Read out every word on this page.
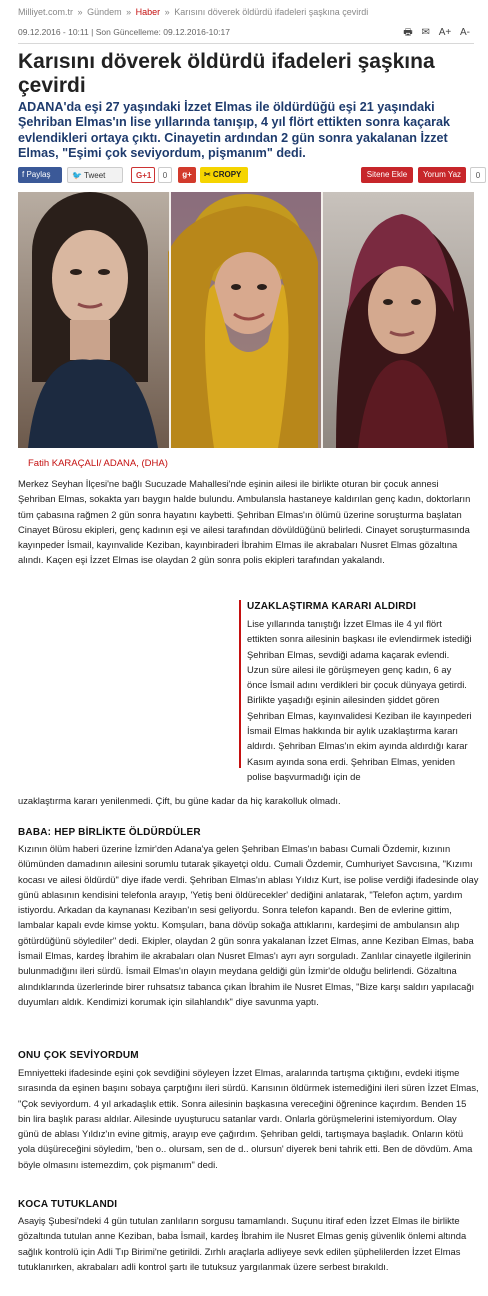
Milliyet.com.tr » Gündem » Haber » Karısını döverek öldürdü ifadeleri şaşkına çevirdi
09.12.2016 - 10:11 | Son Güncelleme: 09.12.2016-10:17	🖶 ✉ A+ A-
Karısını döverek öldürdü ifadeleri şaşkına çevirdi

ADANA'da eşi 27 yaşındaki İzzet Elmas ile öldürdüğü eşi 21 yaşındaki Şehriban Elmas'ın lise yıllarında tanışıp, 4 yıl flört ettikten sonra kaçarak evlendikleri ortaya çıktı. Cinayetin ardından 2 gün sonra yakalanan İzzet Elmas, "Eşimi çok seviyordum, pişmanım" dedi.

f Paylaş	🐦 Tweet	G+1	0	g+	✂ CROPY	Sitene Ekle	Yorum Yaz	0
Fatih KARAÇALI/ ADANA, (DHA)

Merkez Seyhan İlçesi'ne bağlı Sucuzade Mahallesi'nde eşinin ailesi ile birlikte oturan bir çocuk annesi Şehriban Elmas, sokakta yarı baygın halde bulundu. Ambulansla hastaneye kaldırılan genç kadın, doktorların tüm çabasına rağmen 2 gün sonra hayatını kaybetti. Şehriban Elmas'ın ölümü üzerine soruşturma başlatan Cinayet Bürosu ekipleri, genç kadının eşi ve ailesi tarafından dövüldüğünü belirledi. Cinayet soruşturmasında kayınpeder İsmail, kayınvalide Keziban, kayınbiraderi İbrahim Elmas ile akrabaları Nusret Elmas gözaltına alındı. Kaçen eşi İzzet Elmas ise olaydan 2 gün sonra polis ekipleri tarafından yakalandı.

UZAKLAŞTIRMA KARARI ALDIRDI

Lise yıllarında tanıştığı İzzet Elmas ile 4 yıl flört ettikten sonra ailesinin başkası ile evlendirmek istediği Şehriban Elmas, sevdiği adama kaçarak evlendi. Uzun süre ailesi ile görüşmeyen genç kadın, 6 ay önce İsmail adını verdikleri bir çocuk dünyaya getirdi. Birlikte yaşadığı eşinin ailesinden şiddet gören Şehriban Elmas, kayınvalidesi Keziban ile kayınpederi İsmail Elmas hakkında bir aylık uzaklaştırma kararı aldırdı. Şehriban Elmas'ın ekim ayında aldırdığı karar Kasım ayında sona erdi. Şehriban Elmas, yeniden polise başvurmadığı için de

uzaklaştırma kararı yenilenmedi. Çift, bu güne kadar da hiç karakolluk olmadı.

BABA: HEP BİRLİKTE ÖLDÜRDÜLER

Kızının ölüm haberi üzerine İzmir'den Adana'ya gelen Şehriban Elmas'ın babası Cumali Özdemir, kızının ölümünden damadının ailesini sorumlu tutarak şikayetçi oldu. Cumali Özdemir, Cumhuriyet Savcısına, "Kızımı kocası ve ailesi öldürdü" diye ifade verdi. Şehriban Elmas'ın ablası Yıldız Kurt, ise polise verdiği ifadesinde olay günü ablasının kendisini telefonla arayıp, 'Yetiş beni öldürecekler' dediğini anlatarak, "Telefon açtım, yardım istiyordu. Arkadan da kaynanası Keziban'ın sesi geliyordu. Sonra telefon kapandı. Ben de evlerine gittim, lambalar kapalı evde kimse yoktu. Komşuları, bana dövüp sokağa attıklarını, kardeşimi de ambulansın alıp götürdüğünü söylediler" dedi. Ekipler, olaydan 2 gün sonra yakalanan İzzet Elmas, anne Keziban Elmas, baba İsmail Elmas, kardeş İbrahim ile akrabaları olan Nusret Elmas'ı ayrı ayrı sorguladı. Zanlılar cinayetle ilgilerinin bulunmadığını ileri sürdü. İsmail Elmas'ın olayın meydana geldiği gün İzmir'de olduğu belirlendi. Gözaltına alındıklarında üzerlerinde birer ruhsatsız tabanca çıkan İbrahim ile Nusret Elmas, "Bize karşı saldırı yapılacağı duyumları aldık. Kendimizi korumak için silahlandık" diye savunma yaptı.

ONU ÇOK SEVİYORDUM

Emniyetteki ifadesinde eşini çok sevdiğini söyleyen İzzet Elmas, aralarında tartışma çıktığını, evdeki itişme sırasında da eşinen başını sobaya çarptığını ileri sürdü. Karısının öldürmek istemediğini ileri süren İzzet Elmas, "Çok seviyordum. 4 yıl arkadaşlık ettik. Sonra ailesinin başkasına vereceğini öğrenince kaçırdım. Benden 15 bin lira başlık parası aldılar. Ailesinde uyuşturucu satanlar vardı. Onlarla görüşmelerini istemiyordum. Olay günü de ablası Yıldız'ın evine gitmiş, arayıp eve çağırdım. Şehriban geldi, tartışmaya başladık. Onların kötü yola düşüreceğini söyledim, 'ben o.. olursam, sen de d.. olursun' diyerek beni tahrik etti. Ben de dövdüm. Ama böyle olmasını istemezdim, çok pişmanım" dedi.

KOCA TUTUKLANDI

Asayiş Şubesi'ndeki 4 gün tutulan zanlıların sorgusu tamamlandı. Suçunu itiraf eden İzzet Elmas ile birlikte gözaltında tutulan anne Keziban, baba İsmail, kardeş İbrahim ile Nusret Elmas geniş güvenlik önlemi altında sağlık kontrolü için Adli Tıp Birimi'ne getirildi. Zırhlı araçlarla adliyeye sevk edilen şüphelilerden İzzet Elmas tutuklanırken, akrabaları adli kontrol şartı ile tutuksuz yargılanmak üzere serbest bırakıldı.
